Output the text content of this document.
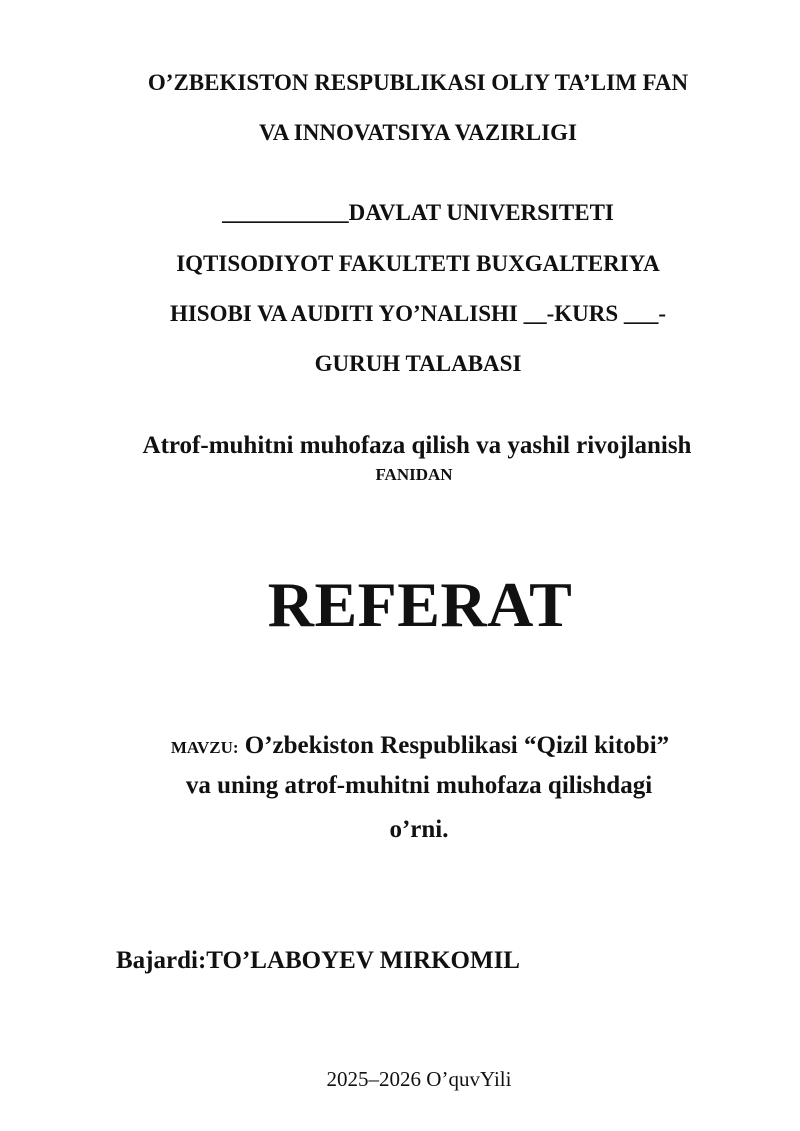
O’ZBEKISTON RESPUBLIKASI OLIY TA’LIM FAN
VA INNOVATSIYA VAZIRLIGI
___________DAVLAT UNIVERSITETI
IQTISODIYOT FAKULTETI BUXGALTERIYA
HISOBI VA AUDITI YO’NALISHI __-KURS ___-
GURUH TALABASI
Atrof-muhitni muhofaza qilish va yashil rivojlanish
FANIDAN
REFERAT
MAVZU: O’zbekiston Respublikasi “Qizil kitobi”
va uning atrof-muhitni muhofaza qilishdagi
o’rni.
Bajardi:TO’LABOYEV MIRKOMIL
2025–2026 O’quvYili
